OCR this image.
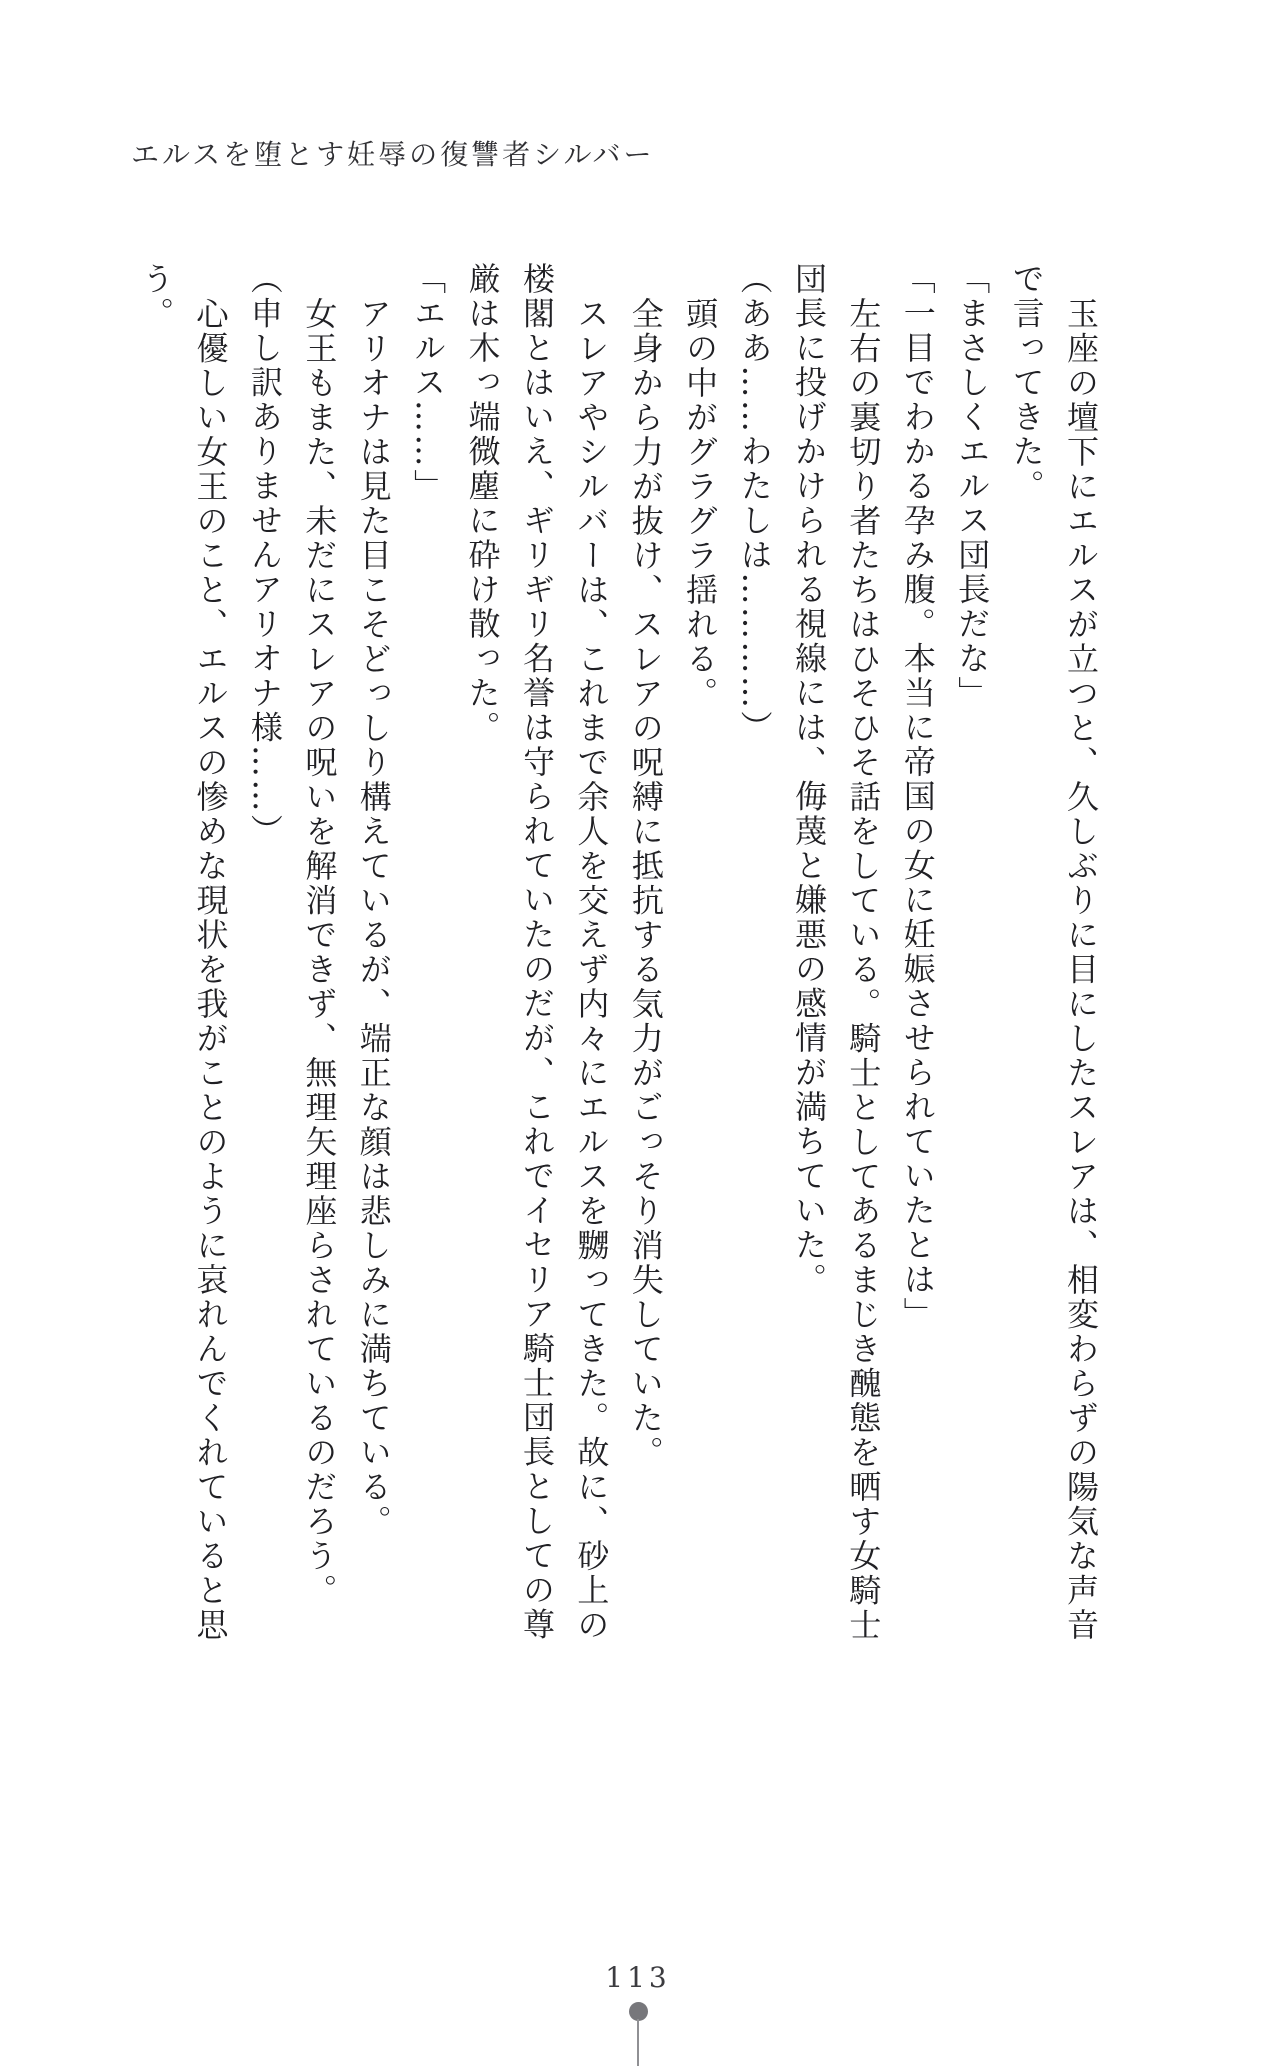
エルスを堕とす妊辱の復讐者シルバー

玉座の壇下にエルスが立つと、久しぶりに目にしたスレアは、相変わらずの陽気な声音

で言ってきた。

「まさしくエルス団長だな」

「一目でわかる孕み腹。本当に帝国の女に妊娠させられていたとは」

左右の裏切り者たちはひそひそ話をしている。騎士としてあるまじき醜態を晒す女騎士

団長に投げかけられる視線には、侮蔑と嫌悪の感情が満ちていた。

（ああ……わたしは…………）

頭の中がグラグラ揺れる。

全身から力が抜け、スレアの呪縛に抵抗する気力がごっそり消失していた。

スレアやシルバーは、これまで余人を交えず内々にエルスを嬲ってきた。故に、砂上の

楼閣とはいえ、ギリギリ名誉は守られていたのだが、これでイセリア騎士団長としての尊

厳は木っ端微塵に砕け散った。

「エルス……」

アリオナは見た目こそどっしり構えているが、端正な顔は悲しみに満ちている。

女王もまた、未だにスレアの呪いを解消できず、無理矢理座らされているのだろう。

（申し訳ありませんアリオナ様……）

心優しい女王のこと、エルスの惨めな現状を我がことのように哀れんでくれていると思

う。

113
